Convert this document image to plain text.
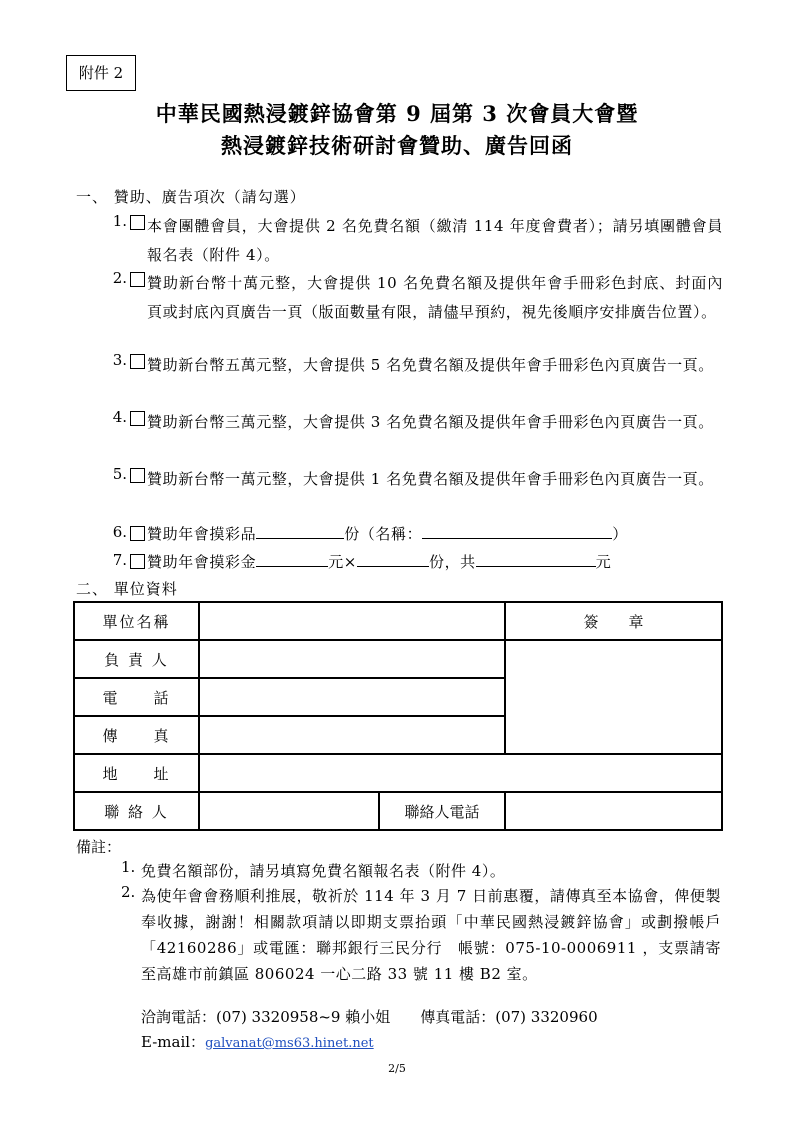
附件 2
中華民國熱浸鍍鋅協會第 9 屆第 3 次會員大會暨
熱浸鍍鋅技術研討會贊助、廣告回函
一、 贊助、廣告項次（請勾選）
1. 本會團體會員，大會提供 2 名免費名額（繳清 114 年度會費者）；請另填團體會員報名表（附件 4）。
2. 贊助新台幣十萬元整，大會提供 10 名免費名額及提供年會手冊彩色封底、封面內頁或封底內頁廣告一頁（版面數量有限，請儘早預約，視先後順序安排廣告位置）。
3. 贊助新台幣五萬元整，大會提供 5 名免費名額及提供年會手冊彩色內頁廣告一頁。
4. 贊助新台幣三萬元整，大會提供 3 名免費名額及提供年會手冊彩色內頁廣告一頁。
5. 贊助新台幣一萬元整，大會提供 1 名免費名額及提供年會手冊彩色內頁廣告一頁。
6. 贊助年會摸彩品	份（名稱：	）
7. 贊助年會摸彩金	元×	份，共	元
二、 單位資料
單位名稱			簽　　章
負 責 人			
電　　話			
傳　　真			
地　　址			
聯 絡 人		聯絡人電話	
備註：
1. 免費名額部份，請另填寫免費名額報名表（附件 4）。
2. 為使年會會務順利推展，敬祈於 114 年 3 月 7 日前惠覆，請傳真至本協會，俾便製奉收據，謝謝！相關款項請以即期支票抬頭「中華民國熱浸鍍鋅協會」或劃撥帳戶「42160286」或電匯：聯邦銀行三民分行　帳號：075-10-0006911 ，支票請寄至高雄市前鎮區 806024 一心二路 33 號 11 樓 B2 室。
洽詢電話：(07) 3320958~9 賴小姐　　傳真電話：(07) 3320960
E-mail：galvanat@ms63.hinet.net
2/5
